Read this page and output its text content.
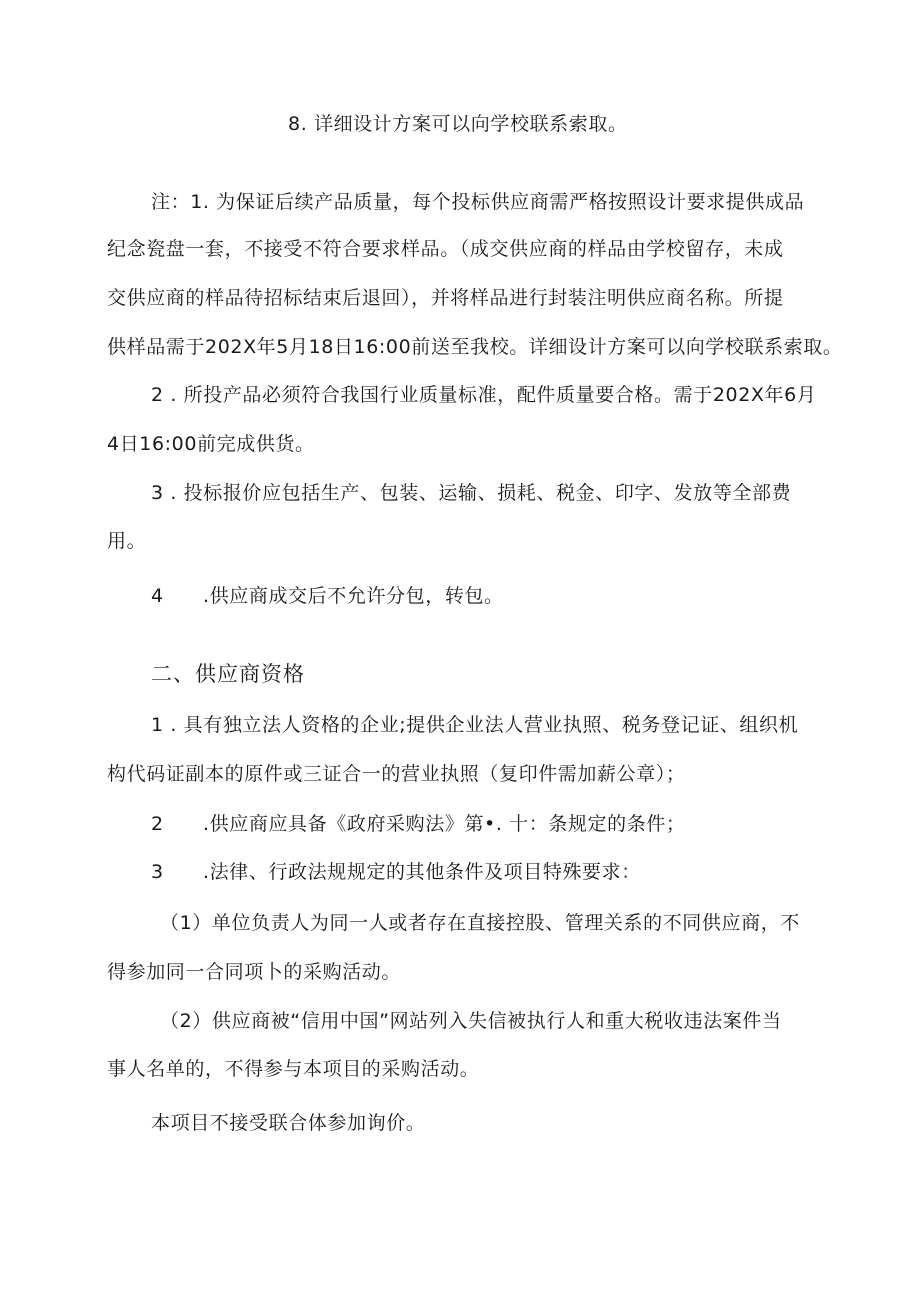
8. 详细设计方案可以向学校联系索取。
注：1. 为保证后续产品质量，每个投标供应商需严格按照设计要求提供成品
纪念瓷盘一套，不接受不符合要求样品。（成交供应商的样品由学校留存，未成
交供应商的样品待招标结束后退回），并将样品进行封装注明供应商名称。所提
供样品需于202X年5月18日16:00前送至我校。详细设计方案可以向学校联系索取。
2 . 所投产品必须符合我国行业质量标准，配件质量要合格。需于202X年6月
4日16:00前完成供货。
3 . 投标报价应包括生产、包装、运输、损耗、税金、印字、发放等全部费
用。
4 .供应商成交后不允许分包，转包。
二、供应商资格
1 . 具有独立法人资格的企业;提供企业法人营业执照、税务登记证、组织机
构代码证副本的原件或三证合一的营业执照（复印件需加薪公章）；
2 .供应商应具备《政府采购法》第•. 十：条规定的条件；
3 .法律、行政法规规定的其他条件及项目特殊要求：
（1）单位负责人为同一人或者存在直接控股、管理关系的不同供应商，不
得参加同一合同项卜的采购活动。
（2）供应商被“信用中国”网站列入失信被执行人和重大税收违法案件当
事人名单的，不得参与本项目的采购活动。
本项目不接受联合体参加询价。
